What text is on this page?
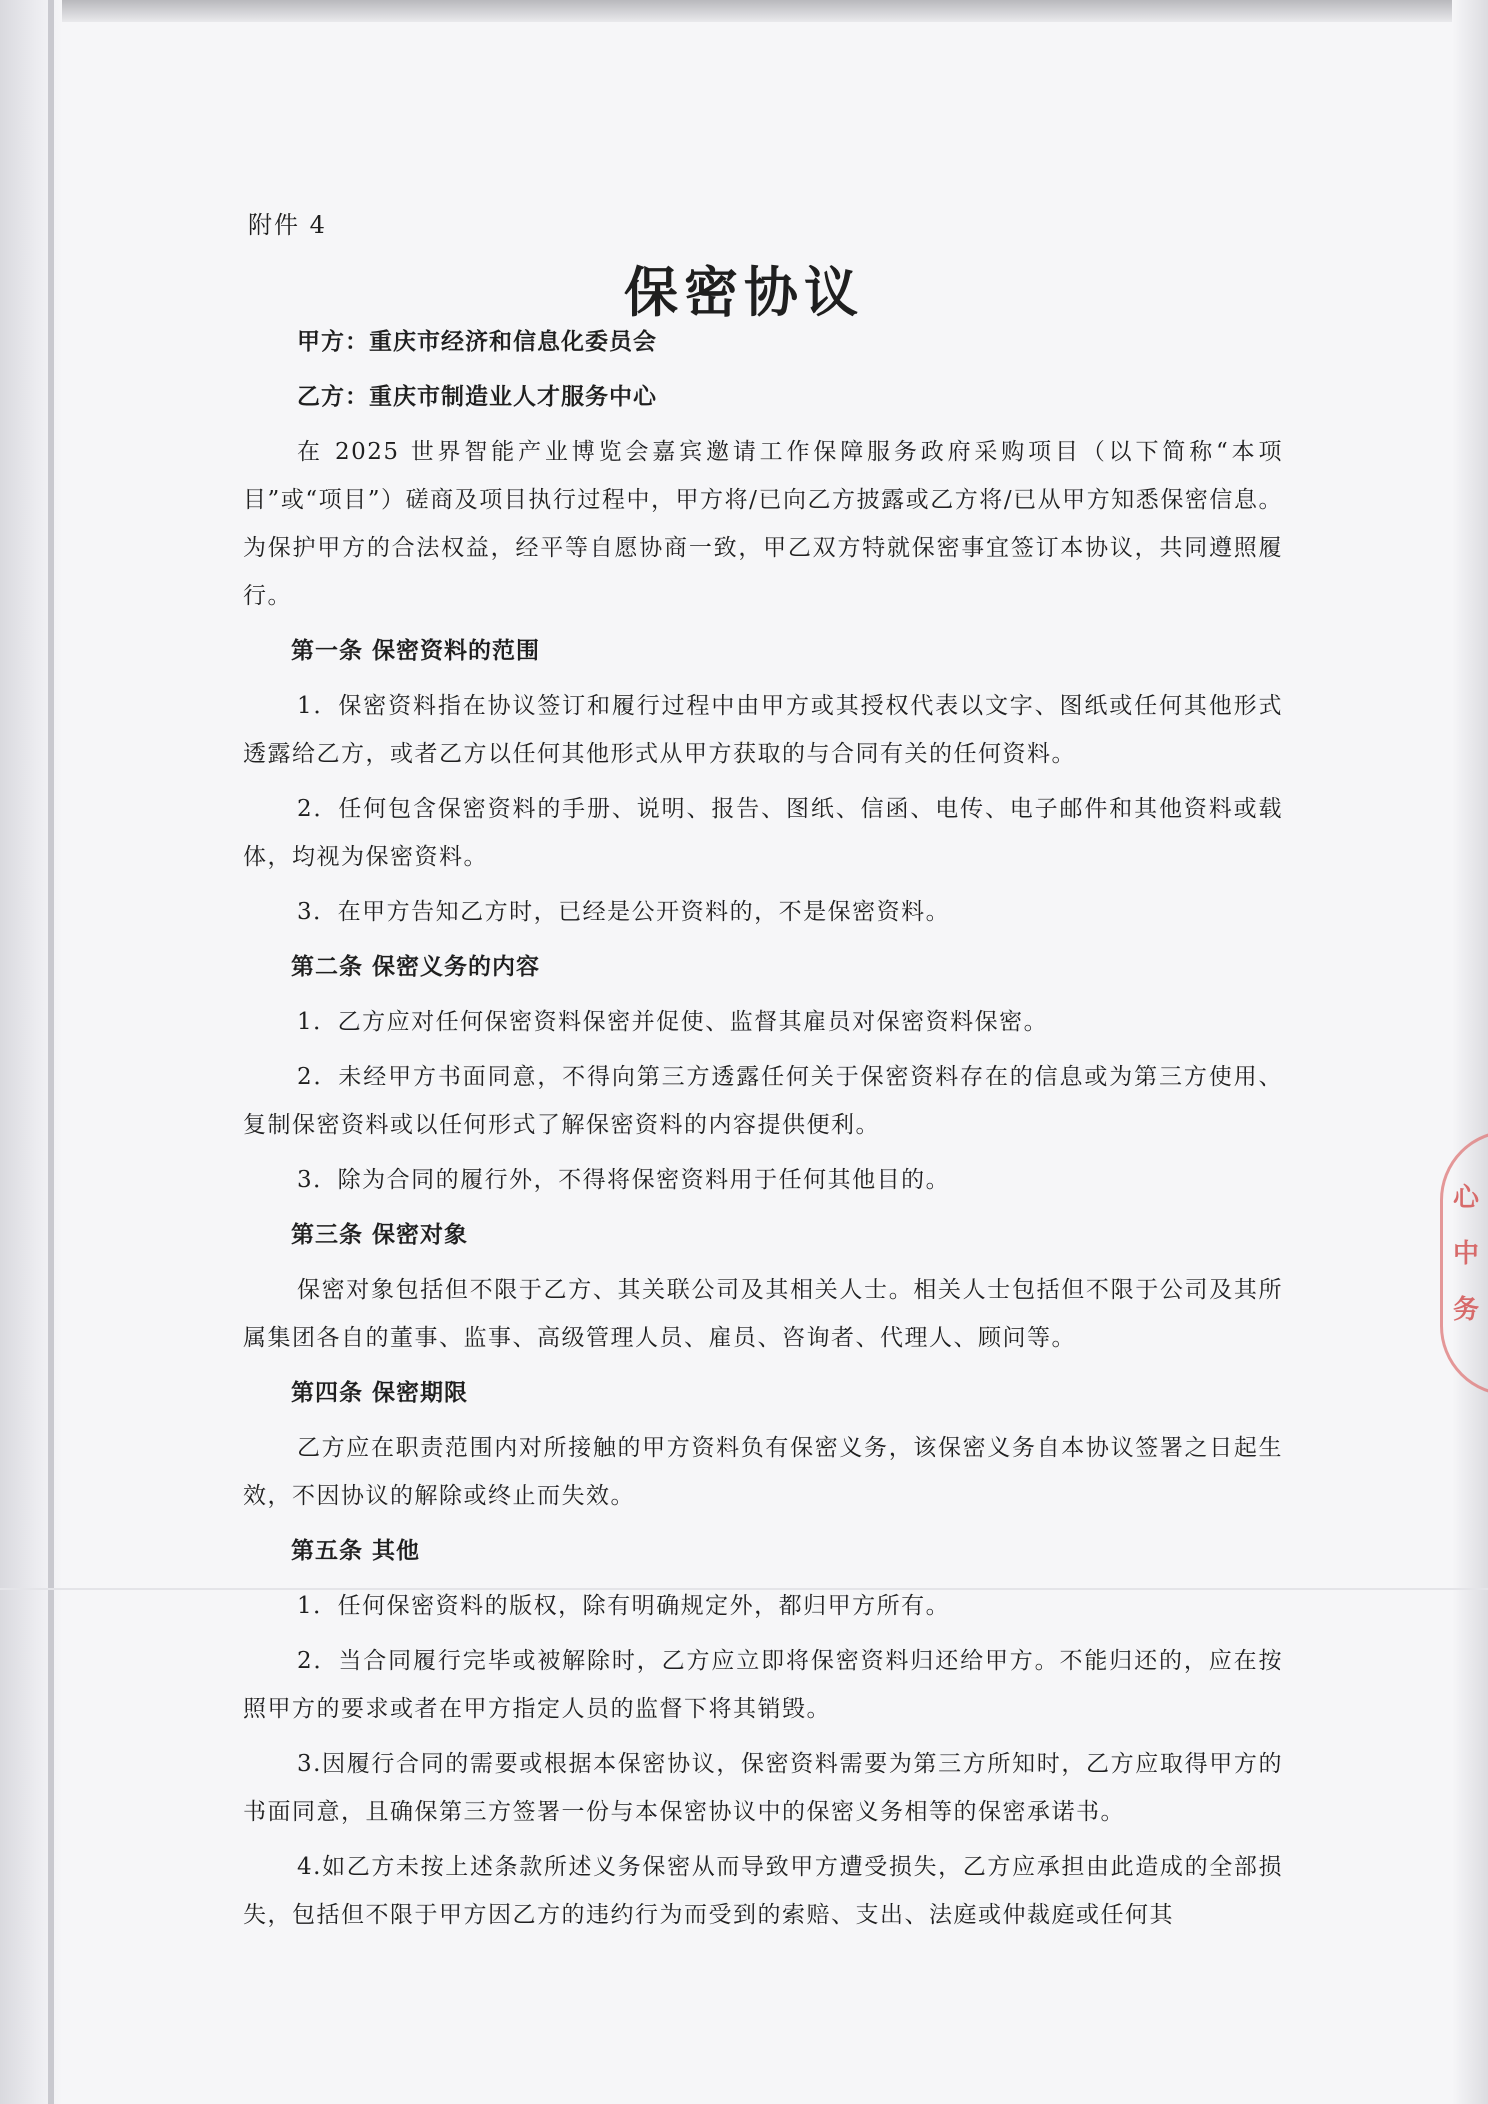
附件 4
保密协议

甲方：重庆市经济和信息化委员会

乙方：重庆市制造业人才服务中心

在 2025 世界智能产业博览会嘉宾邀请工作保障服务政府采购项目（以下简称“本项目”或“项目”）磋商及项目执行过程中，甲方将/已向乙方披露或乙方将/已从甲方知悉保密信息。为保护甲方的合法权益，经平等自愿协商一致，甲乙双方特就保密事宜签订本协议，共同遵照履行。

第一条 保密资料的范围

1．保密资料指在协议签订和履行过程中由甲方或其授权代表以文字、图纸或任何其他形式透露给乙方，或者乙方以任何其他形式从甲方获取的与合同有关的任何资料。

2．任何包含保密资料的手册、说明、报告、图纸、信函、电传、电子邮件和其他资料或载体，均视为保密资料。

3．在甲方告知乙方时，已经是公开资料的，不是保密资料。

第二条 保密义务的内容

1．乙方应对任何保密资料保密并促使、监督其雇员对保密资料保密。

2．未经甲方书面同意，不得向第三方透露任何关于保密资料存在的信息或为第三方使用、复制保密资料或以任何形式了解保密资料的内容提供便利。

3．除为合同的履行外，不得将保密资料用于任何其他目的。

第三条 保密对象

保密对象包括但不限于乙方、其关联公司及其相关人士。相关人士包括但不限于公司及其所属集团各自的董事、监事、高级管理人员、雇员、咨询者、代理人、顾问等。

第四条 保密期限

乙方应在职责范围内对所接触的甲方资料负有保密义务，该保密义务自本协议签署之日起生效，不因协议的解除或终止而失效。

第五条 其他

1．任何保密资料的版权，除有明确规定外，都归甲方所有。

2．当合同履行完毕或被解除时，乙方应立即将保密资料归还给甲方。不能归还的，应在按照甲方的要求或者在甲方指定人员的监督下将其销毁。

3.因履行合同的需要或根据本保密协议，保密资料需要为第三方所知时，乙方应取得甲方的书面同意，且确保第三方签署一份与本保密协议中的保密义务相等的保密承诺书。

4.如乙方未按上述条款所述义务保密从而导致甲方遭受损失，乙方应承担由此造成的全部损失，包括但不限于甲方因乙方的违约行为而受到的索赔、支出、法庭或仲裁庭或任何其

心中务
